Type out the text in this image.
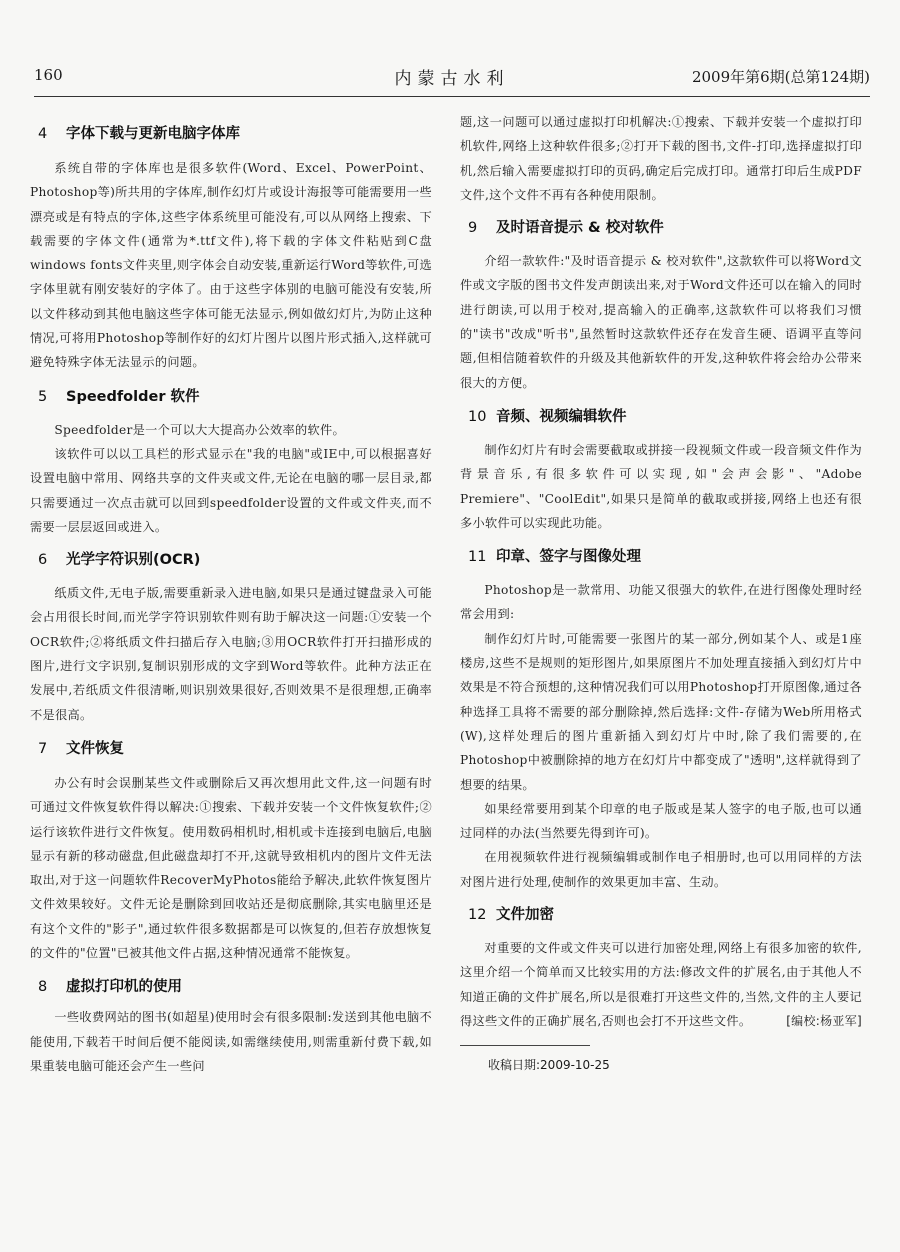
160	内蒙古水利	2009年第6期(总第124期)
4 字体下载与更新电脑字体库

系统自带的字体库也是很多软件(Word、Excel、PowerPoint、Photoshop等)所共用的字体库,制作幻灯片或设计海报等可能需要用一些漂亮或是有特点的字体,这些字体系统里可能没有,可以从网络上搜索、下载需要的字体文件(通常为*.ttf文件),将下载的字体文件粘贴到C盘windows fonts文件夹里,则字体会自动安装,重新运行Word等软件,可选字体里就有刚安装好的字体了。由于这些字体别的电脑可能没有安装,所以文件移动到其他电脑这些字体可能无法显示,例如做幻灯片,为防止这种情况,可将用Photoshop等制作好的幻灯片图片以图片形式插入,这样就可避免特殊字体无法显示的问题。

5 Speedfolder 软件

Speedfolder是一个可以大大提高办公效率的软件。

该软件可以以工具栏的形式显示在"我的电脑"或IE中,可以根据喜好设置电脑中常用、网络共享的文件夹或文件,无论在电脑的哪一层目录,都只需要通过一次点击就可以回到speedfolder设置的文件或文件夹,而不需要一层层返回或进入。

6 光学字符识别(OCR)

纸质文件,无电子版,需要重新录入进电脑,如果只是通过键盘录入可能会占用很长时间,而光学字符识别软件则有助于解决这一问题:①安装一个OCR软件;②将纸质文件扫描后存入电脑;③用OCR软件打开扫描形成的图片,进行文字识别,复制识别形成的文字到Word等软件。此种方法正在发展中,若纸质文件很清晰,则识别效果很好,否则效果不是很理想,正确率不是很高。

7 文件恢复

办公有时会误删某些文件或删除后又再次想用此文件,这一问题有时可通过文件恢复软件得以解决:①搜索、下载并安装一个文件恢复软件;②运行该软件进行文件恢复。使用数码相机时,相机或卡连接到电脑后,电脑显示有新的移动磁盘,但此磁盘却打不开,这就导致相机内的图片文件无法取出,对于这一问题软件RecoverMyPhotos能给予解决,此软件恢复图片文件效果较好。文件无论是删除到回收站还是彻底删除,其实电脑里还是有这个文件的"影子",通过软件很多数据都是可以恢复的,但若存放想恢复的文件的"位置"已被其他文件占据,这种情况通常不能恢复。

8 虚拟打印机的使用

一些收费网站的图书(如超星)使用时会有很多限制:发送到其他电脑不能使用,下载若干时间后便不能阅读,如需继续使用,则需重新付费下载,如果重装电脑可能还会产生一些问

题,这一问题可以通过虚拟打印机解决:①搜索、下载并安装一个虚拟打印机软件,网络上这种软件很多;②打开下载的图书,文件-打印,选择虚拟打印机,然后输入需要虚拟打印的页码,确定后完成打印。通常打印后生成PDF文件,这个文件不再有各种使用限制。

9 及时语音提示 & 校对软件

介绍一款软件:"及时语音提示 & 校对软件",这款软件可以将Word文件或文字版的图书文件发声朗读出来,对于Word文件还可以在输入的同时进行朗读,可以用于校对,提高输入的正确率,这款软件可以将我们习惯的"读书"改成"听书",虽然暂时这款软件还存在发音生硬、语调平直等问题,但相信随着软件的升级及其他新软件的开发,这种软件将会给办公带来很大的方便。

10 音频、视频编辑软件

制作幻灯片有时会需要截取或拼接一段视频文件或一段音频文件作为背景音乐,有很多软件可以实现,如"会声会影"、"Adobe Premiere"、"CoolEdit",如果只是简单的截取或拼接,网络上也还有很多小软件可以实现此功能。

11 印章、签字与图像处理

Photoshop是一款常用、功能又很强大的软件,在进行图像处理时经常会用到:

制作幻灯片时,可能需要一张图片的某一部分,例如某个人、或是1座楼房,这些不是规则的矩形图片,如果原图片不加处理直接插入到幻灯片中效果是不符合预想的,这种情况我们可以用Photoshop打开原图像,通过各种选择工具将不需要的部分删除掉,然后选择:文件-存储为Web所用格式(W),这样处理后的图片重新插入到幻灯片中时,除了我们需要的,在Photoshop中被删除掉的地方在幻灯片中都变成了"透明",这样就得到了想要的结果。

如果经常要用到某个印章的电子版或是某人签字的电子版,也可以通过同样的办法(当然要先得到许可)。

在用视频软件进行视频编辑或制作电子相册时,也可以用同样的方法对图片进行处理,使制作的效果更加丰富、生动。

12 文件加密

对重要的文件或文件夹可以进行加密处理,网络上有很多加密的软件,这里介绍一个简单而又比较实用的方法:修改文件的扩展名,由于其他人不知道正确的文件扩展名,所以是很难打开这些文件的,当然,文件的主人要记得这些文件的正确扩展名,否则也会打不开这些文件。	[编校:杨亚军]

收稿日期:2009-10-25
